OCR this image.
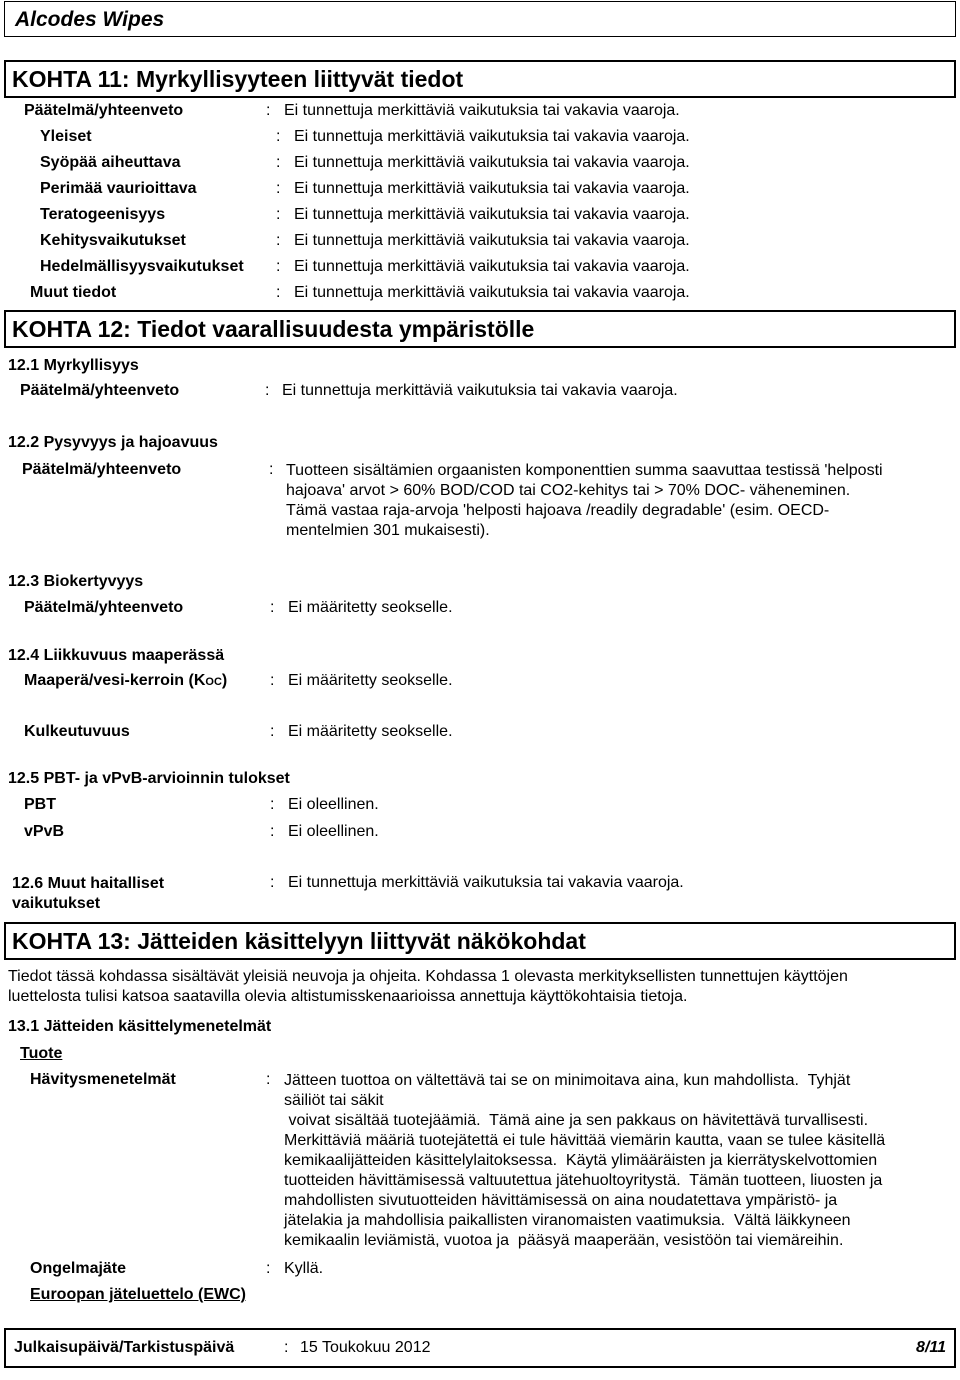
Alcodes Wipes
KOHTA 11: Myrkyllisyyteen liittyvät tiedot
Päätelmä/yhteenveto	: Ei tunnettuja merkittäviä vaikutuksia tai vakavia vaaroja.
Yleiset	: Ei tunnettuja merkittäviä vaikutuksia tai vakavia vaaroja.
Syöpää aiheuttava	: Ei tunnettuja merkittäviä vaikutuksia tai vakavia vaaroja.
Perimää vaurioittava	: Ei tunnettuja merkittäviä vaikutuksia tai vakavia vaaroja.
Teratogeenisyys	: Ei tunnettuja merkittäviä vaikutuksia tai vakavia vaaroja.
Kehitysvaikutukset	: Ei tunnettuja merkittäviä vaikutuksia tai vakavia vaaroja.
Hedelmällisyysvaikutukset : Ei tunnettuja merkittäviä vaikutuksia tai vakavia vaaroja.
Muut tiedot	: Ei tunnettuja merkittäviä vaikutuksia tai vakavia vaaroja.
KOHTA 12: Tiedot vaarallisuudesta ympäristölle
12.1 Myrkyllisyys
Päätelmä/yhteenveto	: Ei tunnettuja merkittäviä vaikutuksia tai vakavia vaaroja.
12.2 Pysyvyys ja hajoavuus
Päätelmä/yhteenveto	: Tuotteen sisältämien orgaanisten komponenttien summa saavuttaa testissä 'helposti
hajoava' arvot > 60% BOD/COD tai CO2-kehitys tai > 70% DOC- väheneminen.
Tämä vastaa raja-arvoja 'helposti hajoava /readily degradable' (esim. OECD-
mentelmien 301 mukaisesti).
12.3 Biokertyvyys
Päätelmä/yhteenveto	: Ei määritetty seokselle.
12.4 Liikkuvuus maaperässä
Maaperä/vesi-kerroin (KOC)	: Ei määritetty seokselle.
Kulkeutuvuus	: Ei määritetty seokselle.
12.5 PBT- ja vPvB-arvioinnin tulokset
PBT	: Ei oleellinen.
vPvB	: Ei oleellinen.
12.6 Muut haitalliset
vaikutukset
: Ei tunnettuja merkittäviä vaikutuksia tai vakavia vaaroja.
KOHTA 13: Jätteiden käsittelyyn liittyvät näkökohdat
Tiedot tässä kohdassa sisältävät yleisiä neuvoja ja ohjeita. Kohdassa 1 olevasta merkityksellisten tunnettujen käyttöjen
luettelosta tulisi katsoa saatavilla olevia altistumisskenaarioissa annettuja käyttökohtaisia tietoja.
13.1 Jätteiden käsittelymenetelmät
Tuote
Hävitysmenetelmät	: Jätteen tuottoa on vältettävä tai se on minimoitava aina, kun mahdollista.  Tyhjät
säiliöt tai säkit
voivat sisältää tuotejäämiä.  Tämä aine ja sen pakkaus on hävitettävä turvallisesti.
Merkittäviä määriä tuotejätettä ei tule hävittää viemärin kautta, vaan se tulee käsitellä
kemikaalijätteiden käsittelylaitoksessa.  Käytä ylimääräisten ja kierrätyskelvottomien
tuotteiden hävittämisessä valtuutettua jätehuoltoyritystä.  Tämän tuotteen, liuosten ja
mahdollisten sivutuotteiden hävittämisessä on aina noudatettava ympäristö- ja
jätelakia ja mahdollisia paikallisten viranomaisten vaatimuksia.  Vältä läikkyneen
kemikaalin leviämistä, vuotoa ja  pääsyä maaperään, vesistöön tai viemäreihin.
Ongelmajäte	: Kyllä.
Euroopan jäteluettelo (EWC)
Julkaisupäivä/Tarkistuspäivä	: 15 Toukokuu 2012	8/11
